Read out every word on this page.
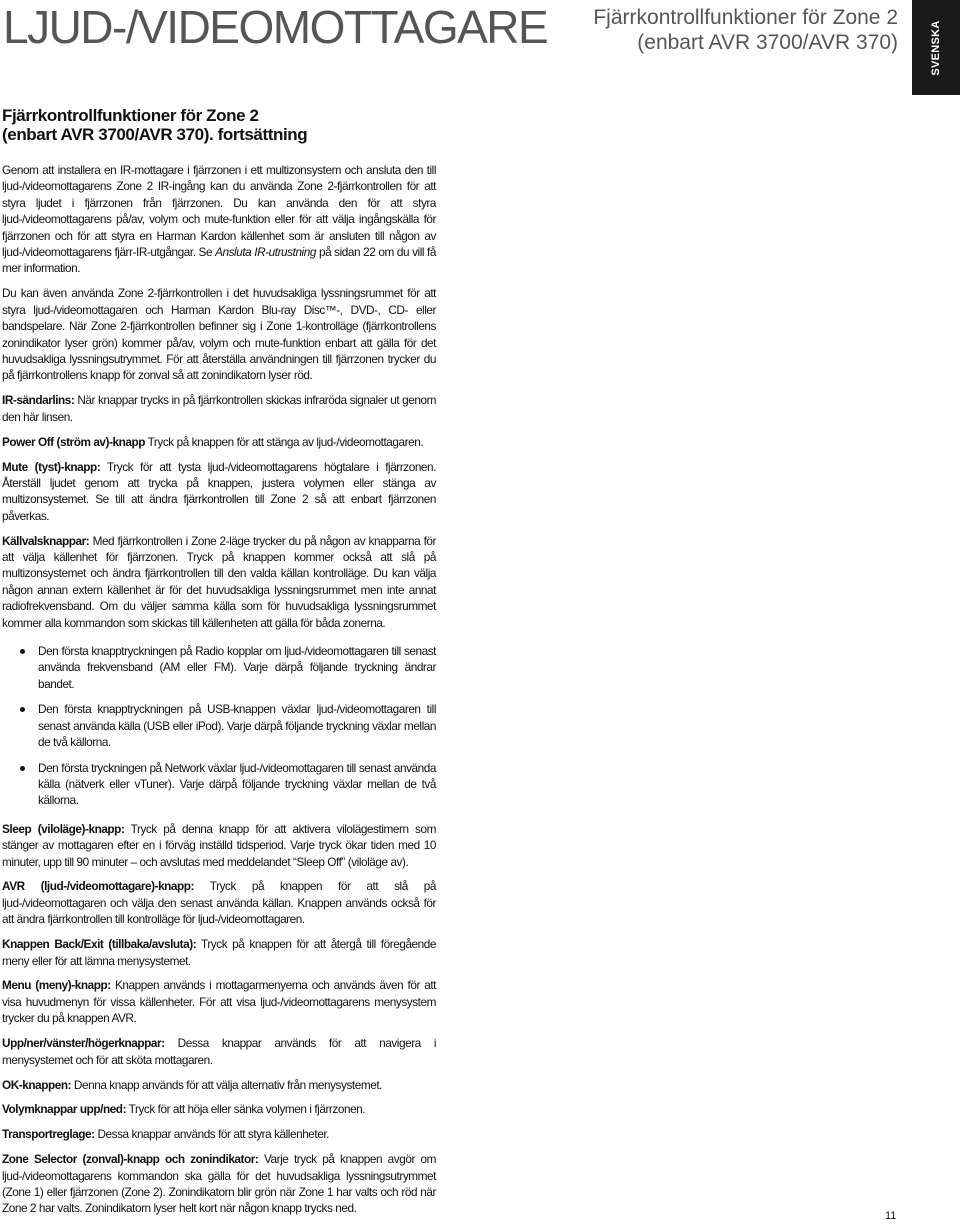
LJUD-/VIDEOMOTTAGARE	Fjärrkontrollfunktioner för Zone 2
(enbart AVR 3700/AVR 370)	SVENSKA
Fjärrkontrollfunktioner för Zone 2
(enbart AVR 3700/AVR 370). fortsättning

Genom att installera en IR-mottagare i fjärrzonen i ett multizonsystem och ansluta den till ljud-/videomottagarens Zone 2 IR-ingång kan du använda Zone 2-fjärrkontrollen för att styra ljudet i fjärrzonen från fjärrzonen. Du kan använda den för att styra ljud-/videomottagarens på/av, volym och mute-funktion eller för att välja ingångskälla för fjärrzonen och för att styra en Harman Kardon källenhet som är ansluten till någon av ljud-/videomottagarens fjärr-IR-utgångar. Se Ansluta IR-utrustning på sidan 22 om du vill få mer information.

Du kan även använda Zone 2-fjärrkontrollen i det huvudsakliga lyssningsrummet för att styra ljud-/videomottagaren och Harman Kardon Blu-ray Disc™-, DVD-, CD- eller bandspelare. När Zone 2-fjärrkontrollen befinner sig i Zone 1-kontrolläge (fjärrkontrollens zonindikator lyser grön) kommer på/av, volym och mute-funktion enbart att gälla för det huvudsakliga lyssningsutrymmet. För att återställa användningen till fjärrzonen trycker du på fjärrkontrollens knapp för zonval så att zonindikatorn lyser röd.

IR-sändarlins: När knappar trycks in på fjärrkontrollen skickas infraröda signaler ut genom den här linsen.

Power Off (ström av)-knapp Tryck på knappen för att stänga av ljud-/videomottagaren.

Mute (tyst)-knapp: Tryck för att tysta ljud-/videomottagarens högtalare i fjärrzonen. Återställ ljudet genom att trycka på knappen, justera volymen eller stänga av multizonsystemet. Se till att ändra fjärrkontrollen till Zone 2 så att enbart fjärrzonen påverkas.

Källvalsknappar: Med fjärrkontrollen i Zone 2-läge trycker du på någon av knapparna för att välja källenhet för fjärrzonen. Tryck på knappen kommer också att slå på multizonsystemet och ändra fjärrkontrollen till den valda källan kontrolläge. Du kan välja någon annan extern källenhet är för det huvudsakliga lyssningsrummet men inte annat radiofrekvensband. Om du väljer samma källa som för huvudsakliga lyssningsrummet kommer alla kommandon som skickas till källenheten att gälla för båda zonerna.

Den första knapptryckningen på Radio kopplar om ljud-/videomottagaren till senast använda frekvensband (AM eller FM). Varje därpå följande tryckning ändrar bandet.
Den första knapptryckningen på USB-knappen växlar ljud-/videomottagaren till senast använda källa (USB eller iPod). Varje därpå följande tryckning växlar mellan de två källorna.
Den första tryckningen på Network växlar ljud-/videomottagaren till senast använda källa (nätverk eller vTuner). Varje därpå följande tryckning växlar mellan de två källorna.

Sleep (viloläge)-knapp: Tryck på denna knapp för att aktivera vilolägestimern som stänger av mottagaren efter en i förväg inställd tidsperiod. Varje tryck ökar tiden med 10 minuter, upp till 90 minuter – och avslutas med meddelandet “Sleep Off” (viloläge av).

AVR (ljud-/videomottagare)-knapp: Tryck på knappen för att slå på ljud-/videomottagaren och välja den senast använda källan. Knappen används också för att ändra fjärrkontrollen till kontrolläge för ljud-/videomottagaren.

Knappen Back/Exit (tillbaka/avsluta): Tryck på knappen för att återgå till föregående meny eller för att lämna menysystemet.

Menu (meny)-knapp: Knappen används i mottagarmenyerna och används även för att visa huvudmenyn för vissa källenheter. För att visa ljud-/videomottagarens menysystem trycker du på knappen AVR.

Upp/ner/vänster/högerknappar: Dessa knappar används för att navigera i menysystemet och för att sköta mottagaren.

OK-knappen: Denna knapp används för att välja alternativ från menysystemet.

Volymknappar upp/ned: Tryck för att höja eller sänka volymen i fjärrzonen.

Transportreglage: Dessa knappar används för att styra källenheter.

Zone Selector (zonval)-knapp och zonindikator: Varje tryck på knappen avgör om ljud-/videomottagarens kommandon ska gälla för det huvudsakliga lyssningsutrymmet (Zone 1) eller fjärrzonen (Zone 2). Zonindikatorn blir grön när Zone 1 har valts och röd när Zone 2 har valts. Zonindikatorn lyser helt kort när någon knapp trycks ned.

11
